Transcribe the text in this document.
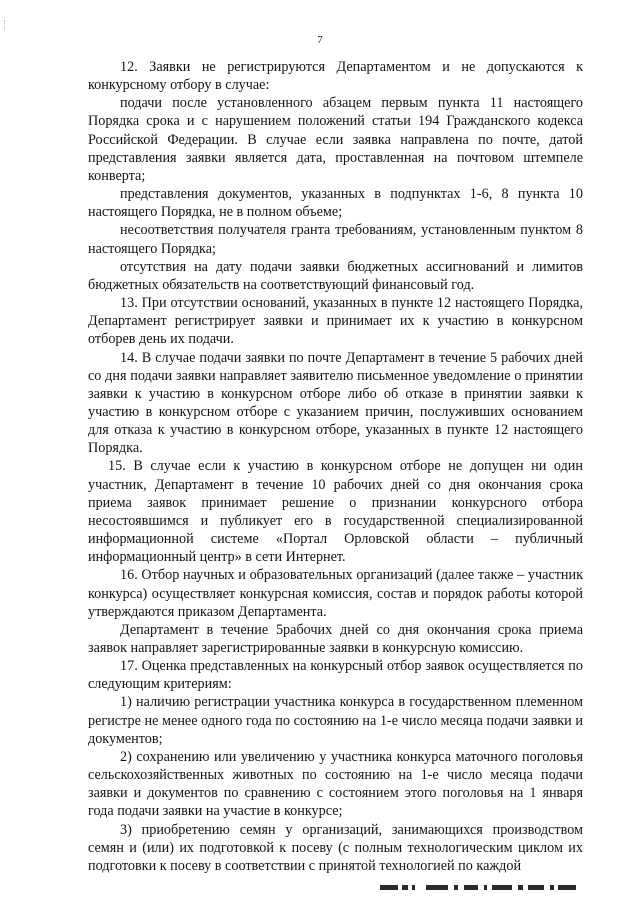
7

12. Заявки не регистрируются Департаментом и не допускаются к конкурсному отбору в случае:

подачи после установленного абзацем первым пункта 11 настоящего Порядка срока и с нарушением положений статьи 194 Гражданского кодекса Российской Федерации. В случае если заявка направлена по почте, датой представления заявки является дата, проставленная на почтовом штемпеле конверта;

представления документов, указанных в подпунктах 1-6, 8 пункта 10 настоящего Порядка, не в полном объеме;

несоответствия получателя гранта требованиям, установленным пунктом 8 настоящего Порядка;

отсутствия на дату подачи заявки бюджетных ассигнований и лимитов бюджетных обязательств на соответствующий финансовый год.

13. При отсутствии оснований, указанных в пункте 12 настоящего Порядка, Департамент регистрирует заявки и принимает их к участию в конкурсном отборев день их подачи.

14. В случае подачи заявки по почте Департамент в течение 5 рабочих дней со дня подачи заявки направляет заявителю письменное уведомление о принятии заявки к участию в конкурсном отборе либо об отказе в принятии заявки к участию в конкурсном отборе с указанием причин, послуживших основанием для отказа к участию в конкурсном отборе, указанных в пункте 12 настоящего Порядка.

15. В случае если к участию в конкурсном отборе не допущен ни один участник, Департамент в течение 10 рабочих дней со дня окончания срока приема заявок принимает решение о признании конкурсного отбора несостоявшимся и публикует его в государственной специализированной информационной системе «Портал Орловской области – публичный информационный центр» в сети Интернет.

16. Отбор научных и образовательных организаций (далее также – участник конкурса) осуществляет конкурсная комиссия, состав и порядок работы которой утверждаются приказом Департамента.

Департамент в течение 5рабочих дней со дня окончания срока приема заявок направляет зарегистрированные заявки в конкурсную комиссию.

17. Оценка представленных на конкурсный отбор заявок осуществляется по следующим критериям:

1) наличию регистрации участника конкурса в государственном племенном регистре не менее одного года по состоянию на 1-е число месяца подачи заявки и документов;

2) сохранению или увеличению у участника конкурса маточного поголовья сельскохозяйственных животных по состоянию на 1-е число месяца подачи заявки и документов по сравнению с состоянием этого поголовья на 1 января года подачи заявки на участие в конкурсе;

3) приобретению семян у организаций, занимающихся производством семян и (или) их подготовкой к посеву (с полным технологическим циклом их подготовки к посеву в соответствии с принятой технологией по каждой
